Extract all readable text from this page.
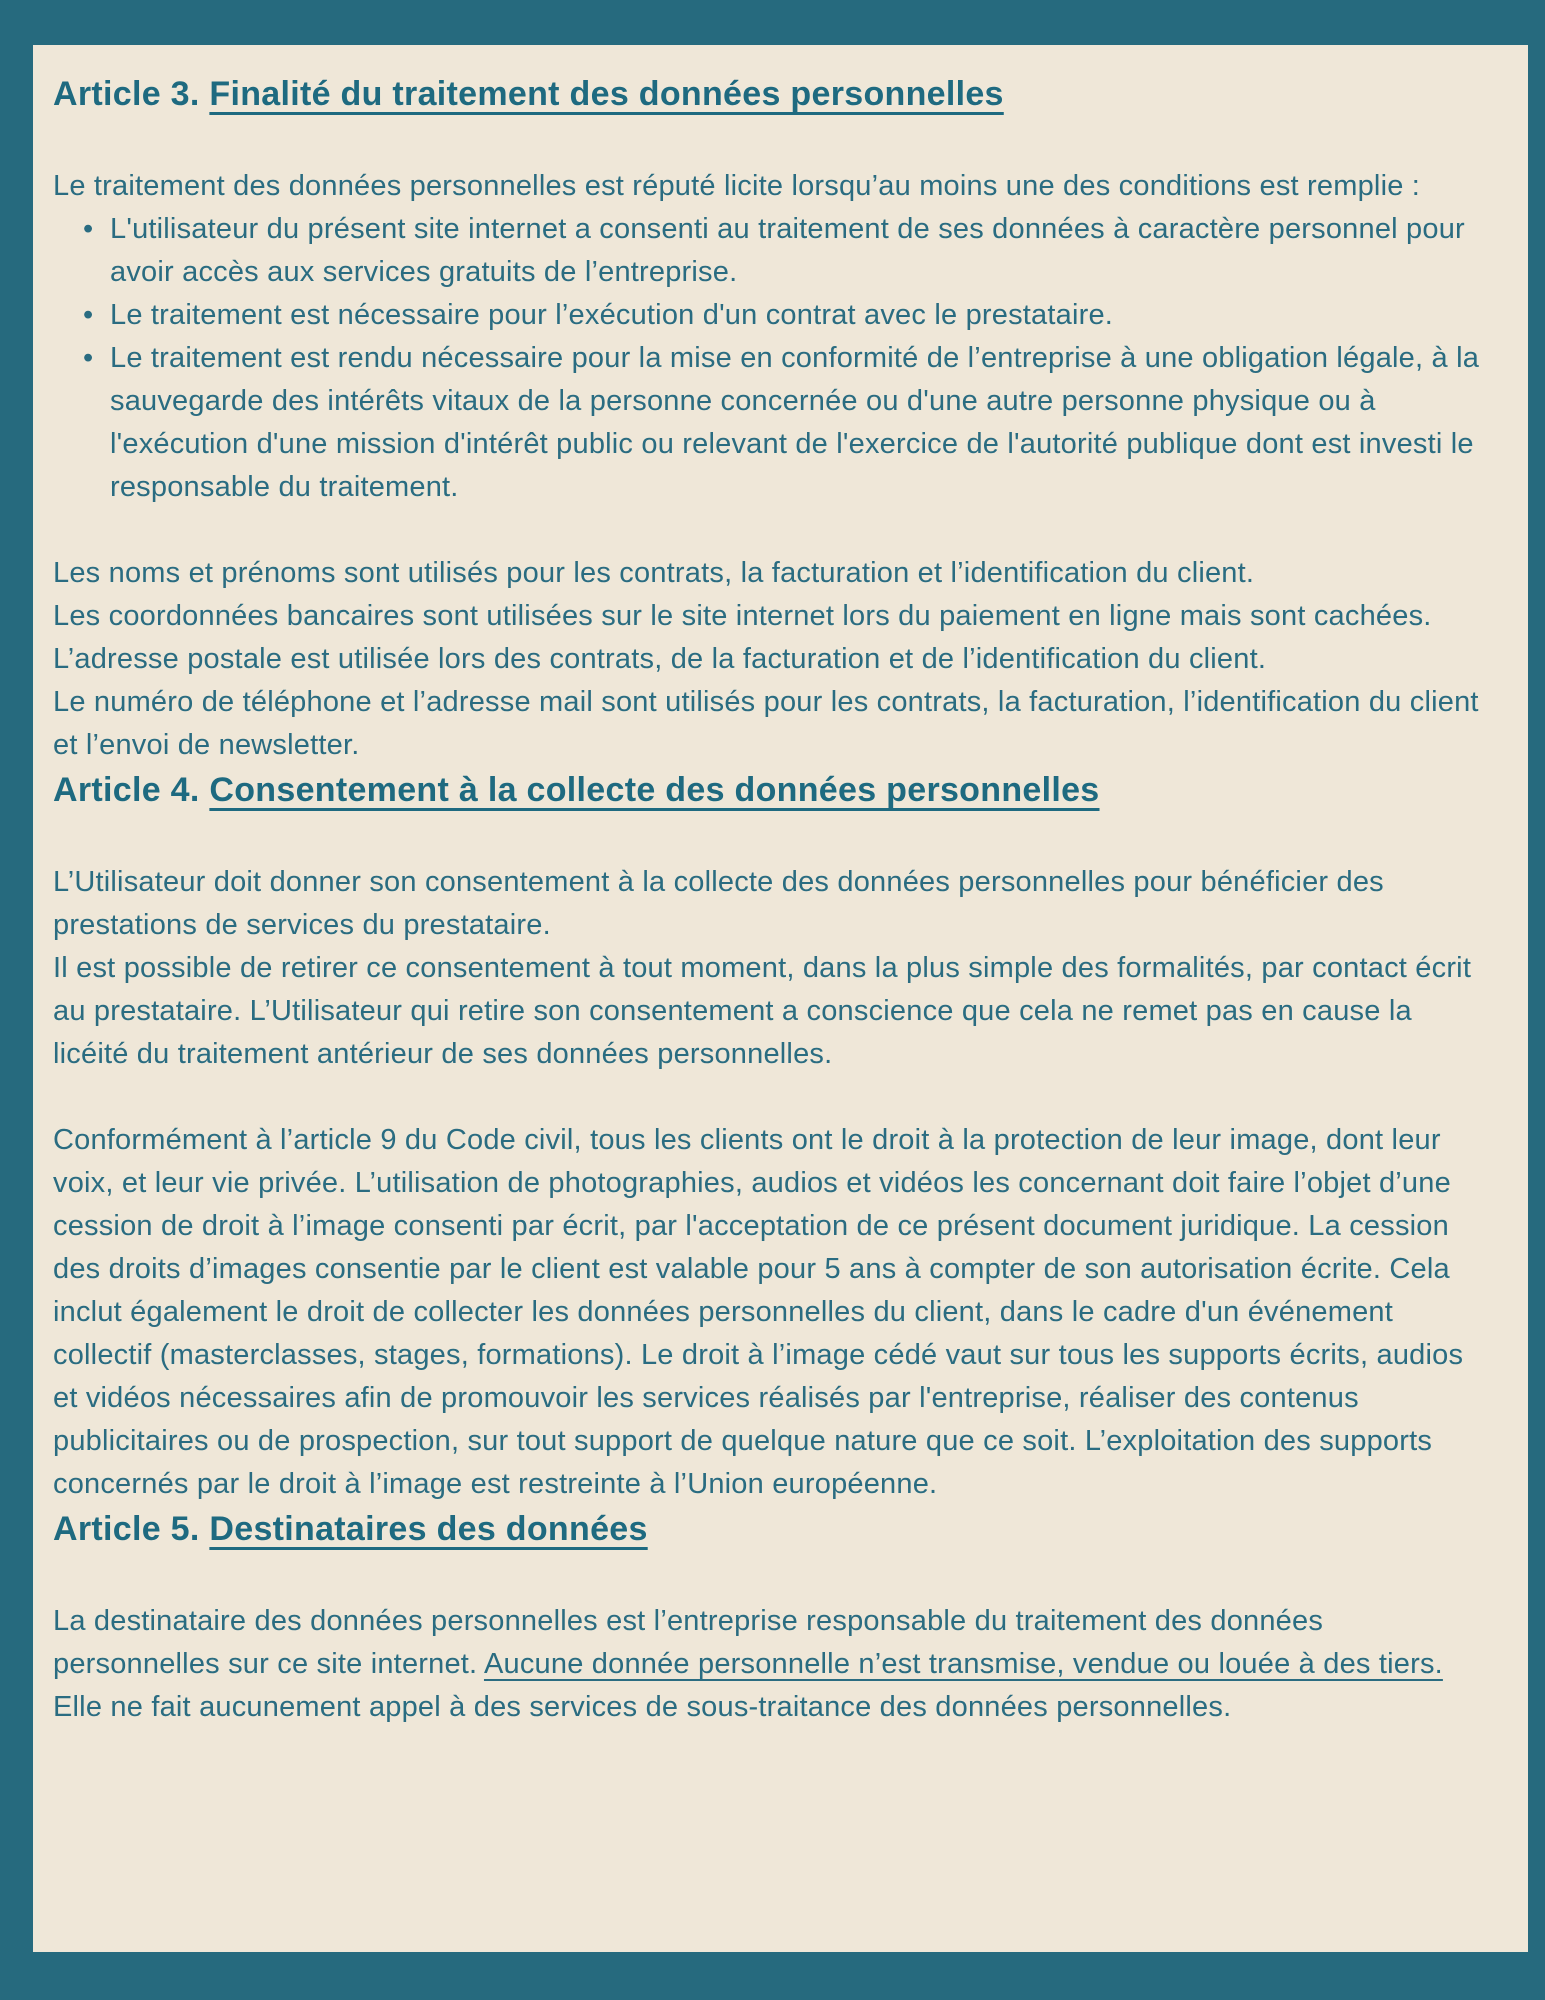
Article 3. Finalité du traitement des données personnelles

Le traitement des données personnelles est réputé licite lorsqu’au moins une des conditions est remplie :

• L'utilisateur du présent site internet a consenti au traitement de ses données à caractère personnel pour avoir accès aux services gratuits de l’entreprise.
• Le traitement est nécessaire pour l’exécution d'un contrat avec le prestataire.
• Le traitement est rendu nécessaire pour la mise en conformité de l’entreprise à une obligation légale, à la sauvegarde des intérêts vitaux de la personne concernée ou d'une autre personne physique ou à l'exécution d'une mission d'intérêt public ou relevant de l'exercice de l'autorité publique dont est investi le responsable du traitement.

Les noms et prénoms sont utilisés pour les contrats, la facturation et l’identification du client.

Les coordonnées bancaires sont utilisées sur le site internet lors du paiement en ligne mais sont cachées.

L’adresse postale est utilisée lors des contrats, de la facturation et de l’identification du client.

Le numéro de téléphone et l’adresse mail sont utilisés pour les contrats, la facturation, l’identification du client et l’envoi de newsletter.

Article 4. Consentement à la collecte des données personnelles

L’Utilisateur doit donner son consentement à la collecte des données personnelles pour bénéficier des prestations de services du prestataire.

Il est possible de retirer ce consentement à tout moment, dans la plus simple des formalités, par contact écrit au prestataire. L’Utilisateur qui retire son consentement a conscience que cela ne remet pas en cause la licéité du traitement antérieur de ses données personnelles.

Conformément à l’article 9 du Code civil, tous les clients ont le droit à la protection de leur image, dont leur voix, et leur vie privée. L’utilisation de photographies, audios et vidéos les concernant doit faire l’objet d’une cession de droit à l’image consenti par écrit, par l'acceptation de ce présent document juridique. La cession des droits d’images consentie par le client est valable pour 5 ans à compter de son autorisation écrite. Cela inclut également le droit de collecter les données personnelles du client, dans le cadre d'un événement collectif (masterclasses, stages, formations). Le droit à l’image cédé vaut sur tous les supports écrits, audios et vidéos nécessaires afin de promouvoir les services réalisés par l'entreprise, réaliser des contenus publicitaires ou de prospection, sur tout support de quelque nature que ce soit. L’exploitation des supports concernés par le droit à l’image est restreinte à l’Union européenne.

Article 5. Destinataires des données

La destinataire des données personnelles est l’entreprise responsable du traitement des données personnelles sur ce site internet. Aucune donnée personnelle n’est transmise, vendue ou louée à des tiers. Elle ne fait aucunement appel à des services de sous-traitance des données personnelles.
